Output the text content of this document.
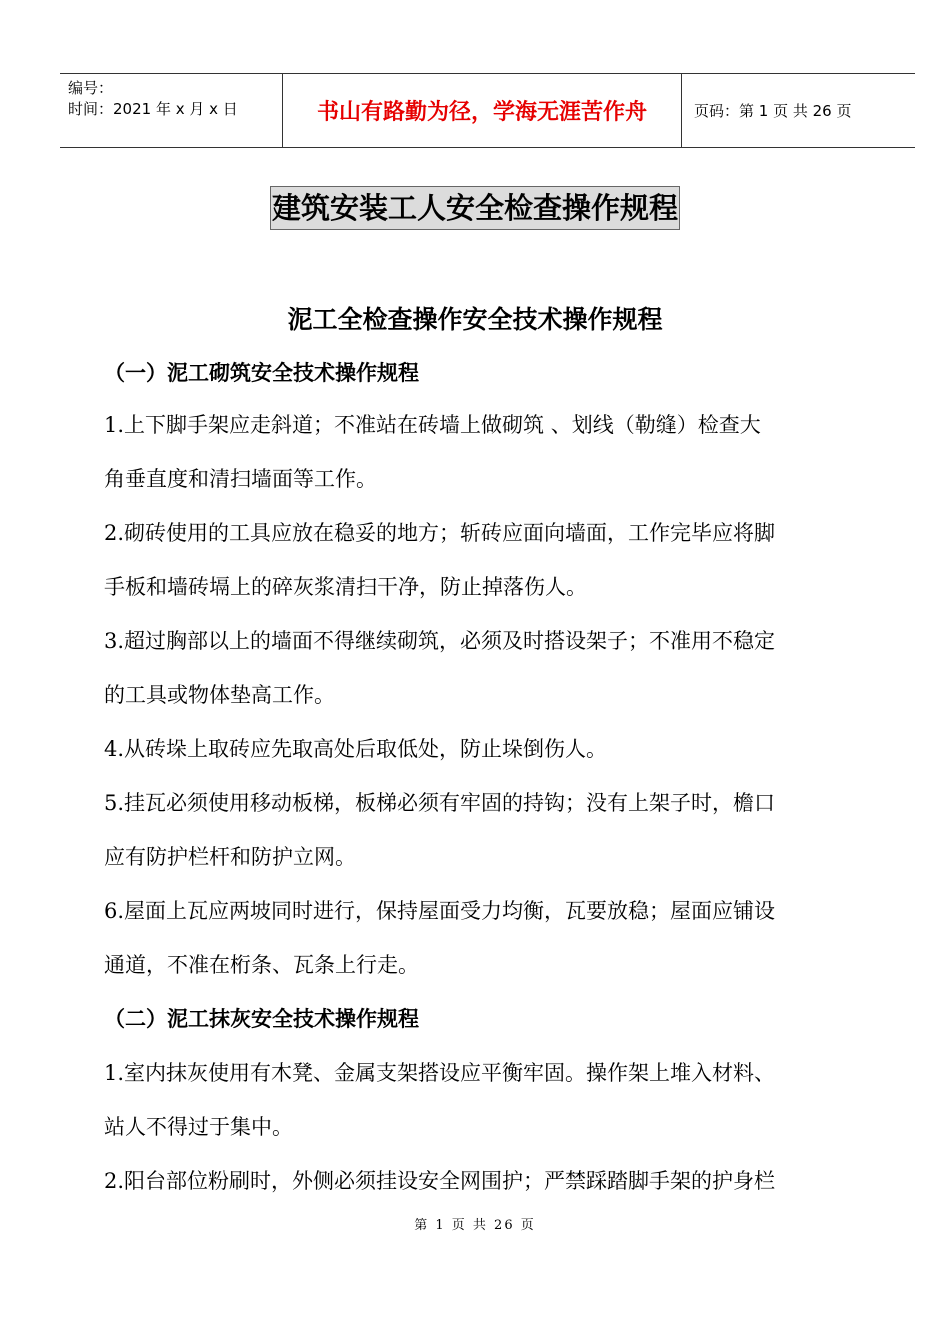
编号：
时间：2021 年 x 月 x 日	书山有路勤为径，学海无涯苦作舟	页码：第 1 页 共 26 页
建筑安装工人安全检查操作规程
泥工全检查操作安全技术操作规程
（一）泥工砌筑安全技术操作规程
1.上下脚手架应走斜道；不准站在砖墙上做砌筑 、划线（勒缝）检查大
角垂直度和清扫墙面等工作。
2.砌砖使用的工具应放在稳妥的地方；斩砖应面向墙面，工作完毕应将脚
手板和墙砖塥上的碎灰浆清扫干净，防止掉落伤人。
3.超过胸部以上的墙面不得继续砌筑，必须及时搭设架子；不准用不稳定
的工具或物体垫高工作。
4.从砖垛上取砖应先取高处后取低处，防止垛倒伤人。
5.挂瓦必须使用移动板梯，板梯必须有牢固的持钩；没有上架子时，檐口
应有防护栏杆和防护立网。
6.屋面上瓦应两坡同时进行，保持屋面受力均衡，瓦要放稳；屋面应铺设
通道，不准在桁条、瓦条上行走。
（二）泥工抹灰安全技术操作规程
1.室内抹灰使用有木凳、金属支架搭设应平衡牢固。操作架上堆入材料、
站人不得过于集中。
2.阳台部位粉刷时，外侧必须挂设安全网围护；严禁踩踏脚手架的护身栏
第 1 页 共 26 页
